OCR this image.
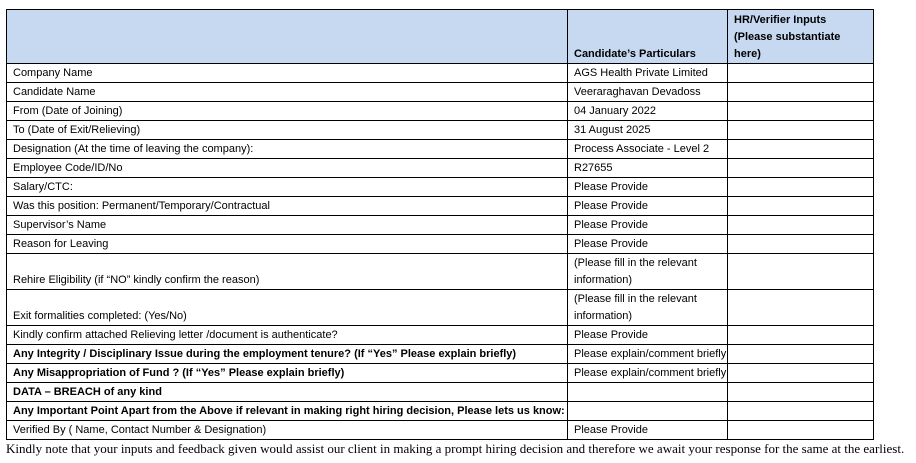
	Candidate’s Particulars	HR/Verifier Inputs (Please substantiate here)
Company Name	AGS Health Private Limited	
Candidate Name	Veeraraghavan Devadoss	
From (Date of Joining)	04 January 2022	
To (Date of Exit/Relieving)	31 August 2025	
Designation (At the time of leaving the company):	Process Associate - Level 2	
Employee Code/ID/No	R27655	
Salary/CTC:	Please Provide	
Was this position: Permanent/Temporary/Contractual	Please Provide	
Supervisor’s Name	Please Provide	
Reason for Leaving	Please Provide	
Rehire Eligibility (if “NO” kindly confirm the reason)	(Please fill in the relevant information)	
Exit formalities completed: (Yes/No)	(Please fill in the relevant information)	
Kindly confirm attached Relieving letter /document is authenticate?	Please Provide	
Any Integrity / Disciplinary Issue during the employment tenure? (If “Yes” Please explain briefly)	Please explain/comment briefly	
Any Misappropriation of Fund ? (If “Yes” Please explain briefly)	Please explain/comment briefly	
DATA – BREACH of any kind		
Any Important Point Apart from the Above if relevant in making right hiring decision, Please lets us know:		
Verified By ( Name, Contact Number & Designation)	Please Provide	
Kindly note that your inputs and feedback given would assist our client in making a prompt hiring decision and therefore we await your response for the same at the earliest.
